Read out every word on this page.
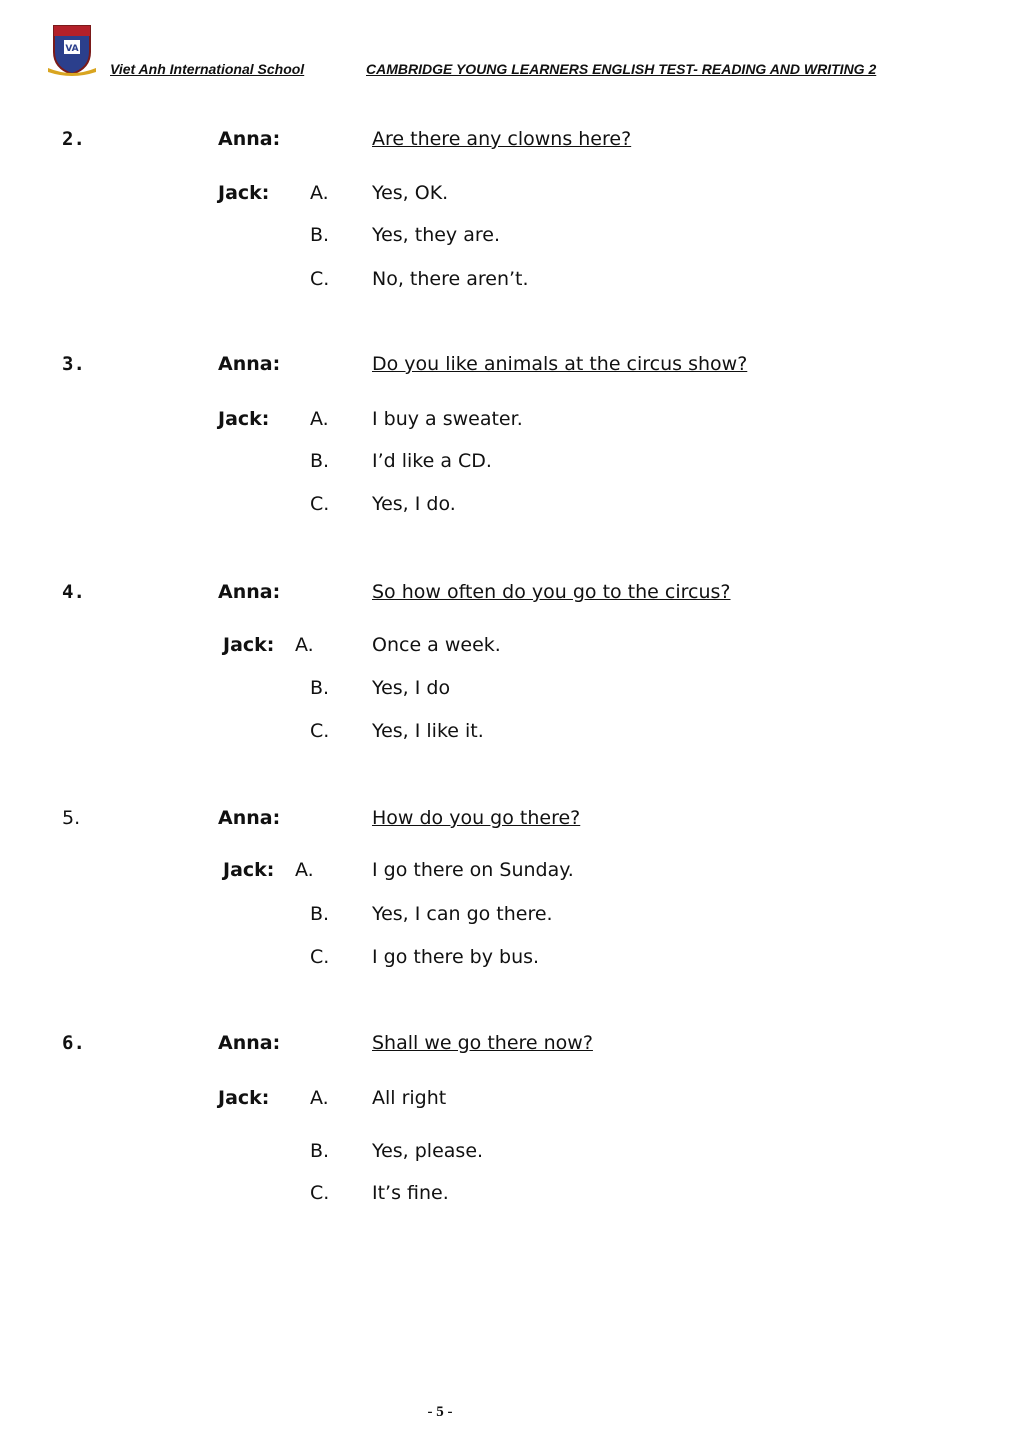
VA
Viet Anh International School	CAMBRIDGE YOUNG LEARNERS ENGLISH TEST- READING AND WRITING 2
2.	Anna:	Are there any clowns here?
Jack: A. Yes, OK.
B. Yes, they are.
C. No, there aren’t.
3.	Anna:	Do you like animals at the circus show?
Jack: A. I buy a sweater.
B. I’d like a CD.
C. Yes, I do.
4.	Anna:	So how often do you go to the circus?
Jack: A.	Once a week.
B. Yes, I do
C. Yes, I like it.
5.	Anna:	How do you go there?
Jack: A.	I go there on Sunday.
B. Yes, I can go there.
C. I go there by bus.
6.	Anna:	Shall we go there now?
Jack: A. All right
B. Yes, please.
C. It’s fine.
- 5 -
